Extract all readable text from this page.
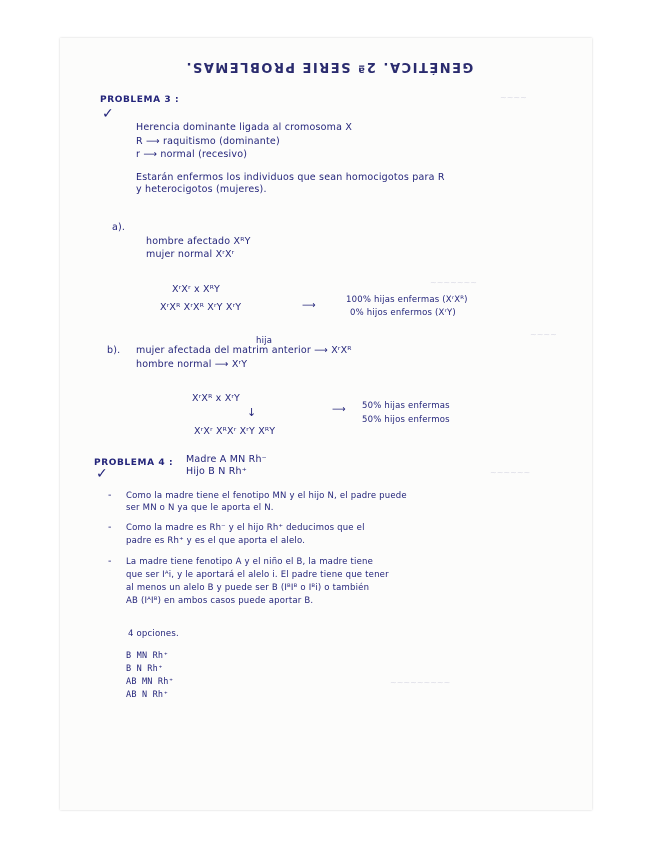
GENÉTICA. 2ª SERIE PROBLEMAS.
~~~~
~~~~~~~
~~~~
~~~~~~
~~~~~~~~~
PROBLEMA 3 :
✓
Herencia dominante ligada al cromosoma X
R ⟶ raquitismo (dominante)
r ⟶ normal (recesivo)
Estarán enfermos los individuos que sean homocigotos para R
y heterocigotos (mujeres).
a).
hombre afectado XᴿY
mujer normal XʳXʳ
XʳXʳ x XᴿY
XʳXᴿ XʳXᴿ XʳY XʳY	⟶	100% hijas enfermas (XʳXᴿ)
0% hijos enfermos (XʳY)
hija
b). mujer afectada del matrim anterior ⟶ XʳXᴿ
hombre normal ⟶ XʳY
XʳXᴿ x XʳY
↓
XʳXʳ XᴿXʳ XʳY XᴿY
⟶ 50% hijas enfermas
50% hijos enfermos
PROBLEMA 4 : Madre A MN Rh⁻
Hijo B N Rh⁺
✓
- Como la madre tiene el fenotipo MN y el hijo N, el padre puede
ser MN o N ya que le aporta el N.
- Como la madre es Rh⁻ y el hijo Rh⁺ deducimos que el
padre es Rh⁺ y es el que aporta el alelo.
- La madre tiene fenotipo A y el niño el B, la madre tiene
que ser Iᴬi, y le aportará el alelo i. El padre tiene que tener
al menos un alelo B y puede ser B (IᴮIᴮ o Iᴮi) o también
AB (IᴬIᴮ) en ambos casos puede aportar B.
4 opciones.
B MN Rh⁺
B N Rh⁺
AB MN Rh⁺
AB N Rh⁺
